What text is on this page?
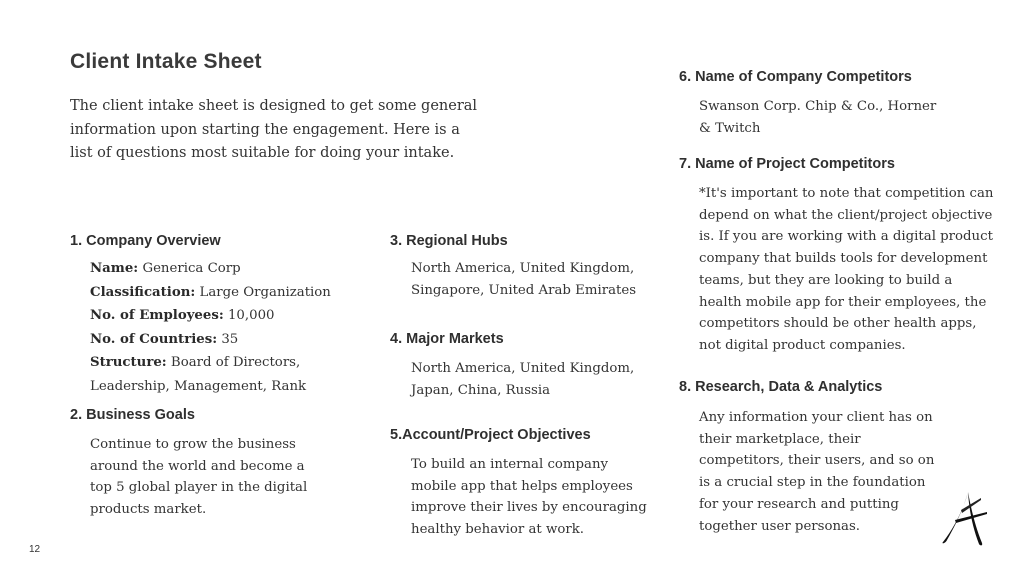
Client Intake Sheet
The client intake sheet is designed to get some general information upon starting the engagement. Here is a list of questions most suitable for doing your intake.
1. Company Overview
Name: Generica Corp
Classification: Large Organization
No. of Employees: 10,000
No. of Countries: 35
Structure: Board of Directors, Leadership, Management, Rank
2. Business Goals
Continue to grow the business around the world and become a top 5 global player in the digital products market.
3. Regional Hubs
North America, United Kingdom, Singapore, United Arab Emirates
4. Major Markets
North America, United Kingdom, Japan, China, Russia
5.Account/Project Objectives
To build an internal company mobile app that helps employees improve their lives by encouraging healthy behavior at work.
6. Name of Company Competitors
Swanson Corp. Chip & Co., Horner & Twitch
7. Name of Project Competitors
*It's important to note that competition can depend on what the client/project objective is. If you are working with a digital product company that builds tools for development teams, but they are looking to build a health mobile app for their employees, the competitors should be other health apps, not digital product companies.
8. Research, Data & Analytics
Any information your client has on their marketplace, their competitors, their users, and so on is a crucial step in the foundation for your research and putting together user personas.
12
